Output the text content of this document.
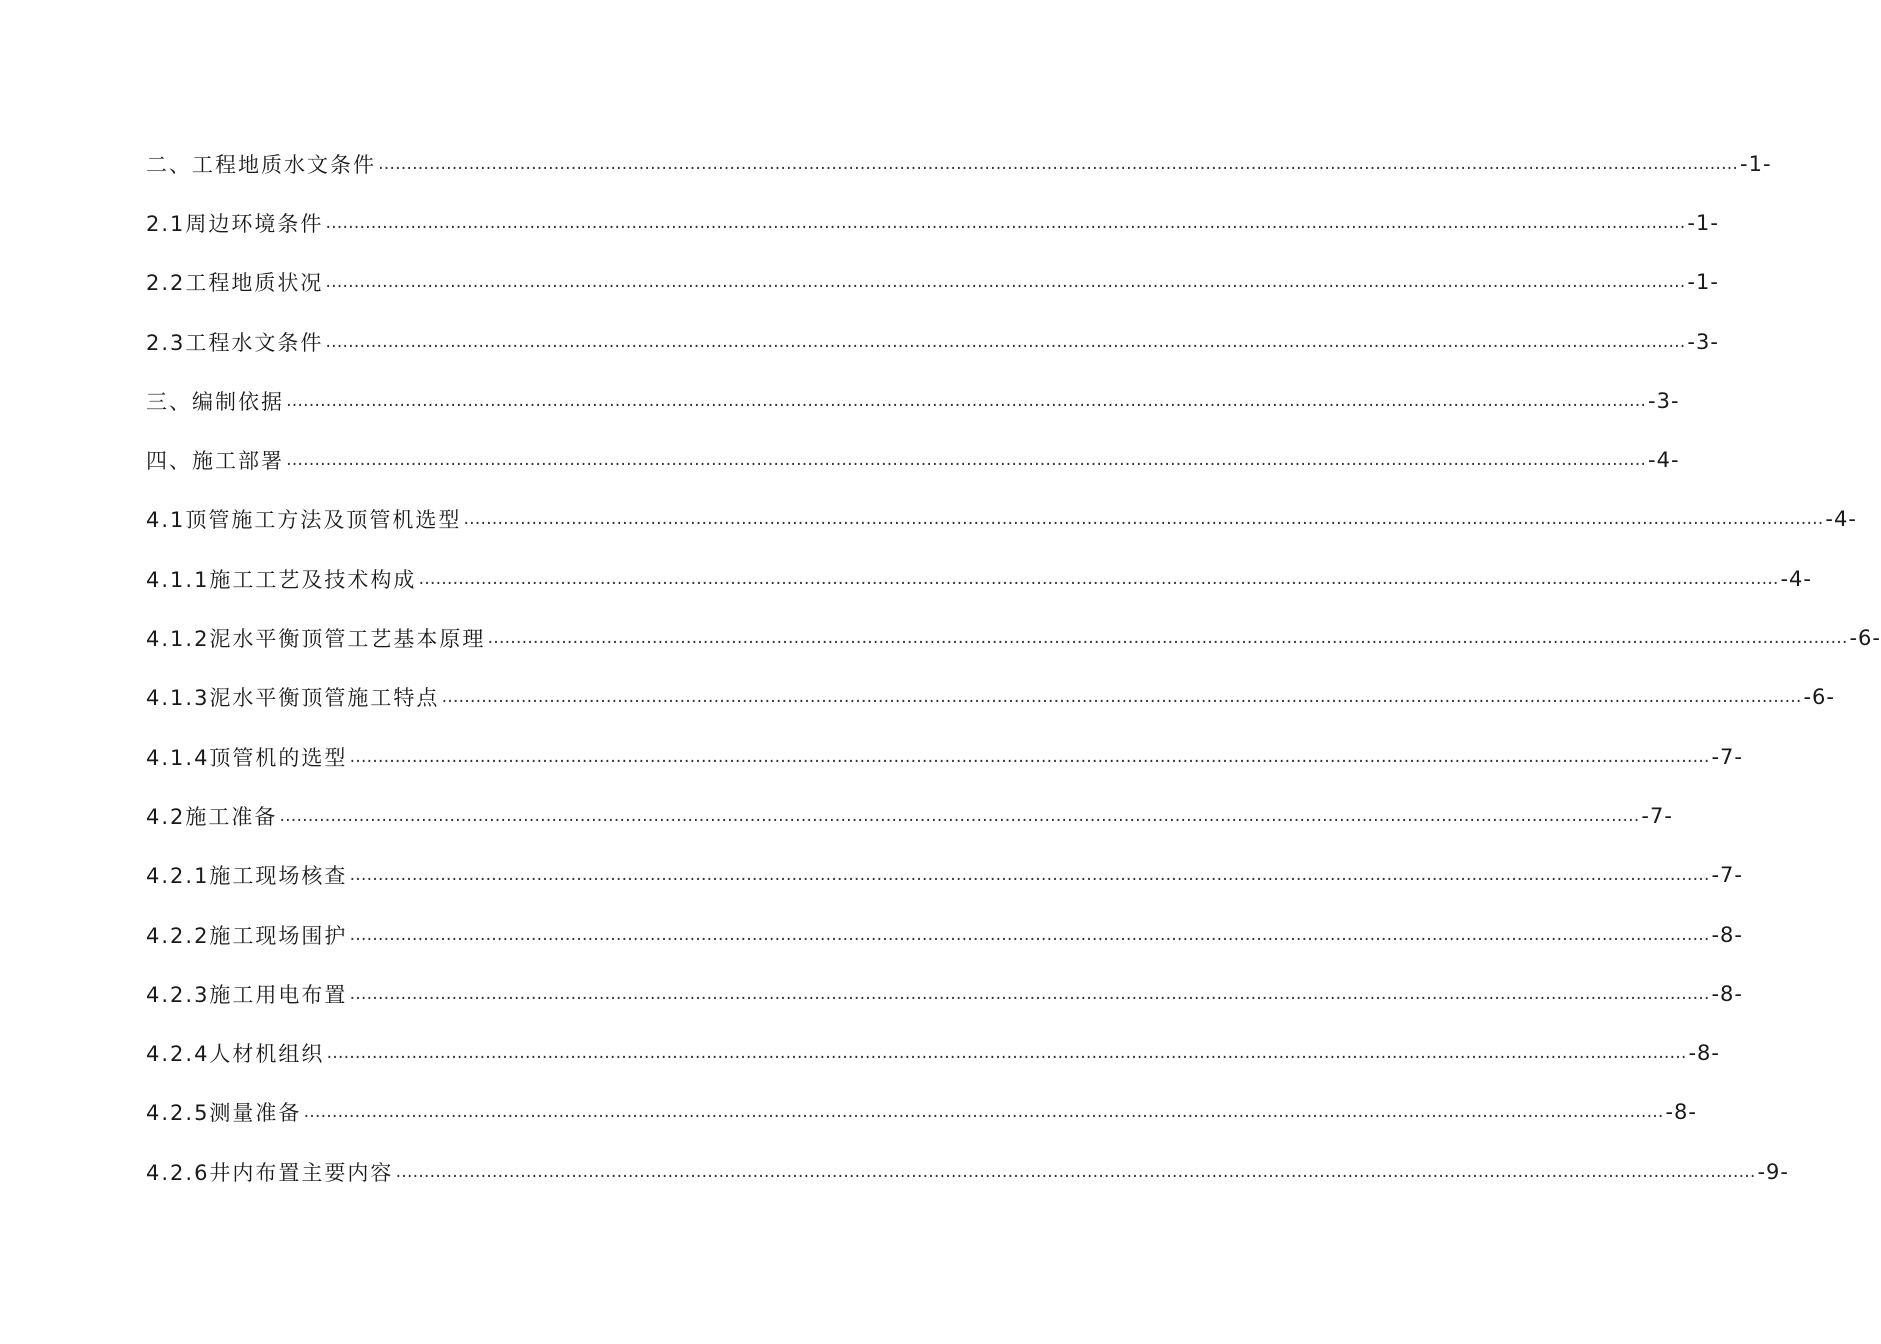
二、工程地质水文条件 …………………………………………………………………………………………………………………………………………………………………………………………………………………… -1-
2.1周边环境条件 …………………………………………………………………………………………………………………………………………………………………………………………………………………… -1-
2.2工程地质状况 …………………………………………………………………………………………………………………………………………………………………………………………………………………… -1-
2.3工程水文条件 …………………………………………………………………………………………………………………………………………………………………………………………………………………… -3-
三、编制依据 …………………………………………………………………………………………………………………………………………………………………………………………………………………… -3-
四、施工部署 …………………………………………………………………………………………………………………………………………………………………………………………………………………… -4-
4.1顶管施工方法及顶管机选型 …………………………………………………………………………………………………………………………………………………………………………………………………………………… -4-
4.1.1施工工艺及技术构成 …………………………………………………………………………………………………………………………………………………………………………………………………………………… -4-
4.1.2泥水平衡顶管工艺基本原理 …………………………………………………………………………………………………………………………………………………………………………………………………………………… -6-
4.1.3泥水平衡顶管施工特点 …………………………………………………………………………………………………………………………………………………………………………………………………………………… -6-
4.1.4顶管机的选型 …………………………………………………………………………………………………………………………………………………………………………………………………………………… -7-
4.2施工准备 …………………………………………………………………………………………………………………………………………………………………………………………………………………… -7-
4.2.1施工现场核查 …………………………………………………………………………………………………………………………………………………………………………………………………………………… -7-
4.2.2施工现场围护 …………………………………………………………………………………………………………………………………………………………………………………………………………………… -8-
4.2.3施工用电布置 …………………………………………………………………………………………………………………………………………………………………………………………………………………… -8-
4.2.4人材机组织 …………………………………………………………………………………………………………………………………………………………………………………………………………………… -8-
4.2.5测量准备 …………………………………………………………………………………………………………………………………………………………………………………………………………………… -8-
4.2.6井内布置主要内容 …………………………………………………………………………………………………………………………………………………………………………………………………………………… -9-
